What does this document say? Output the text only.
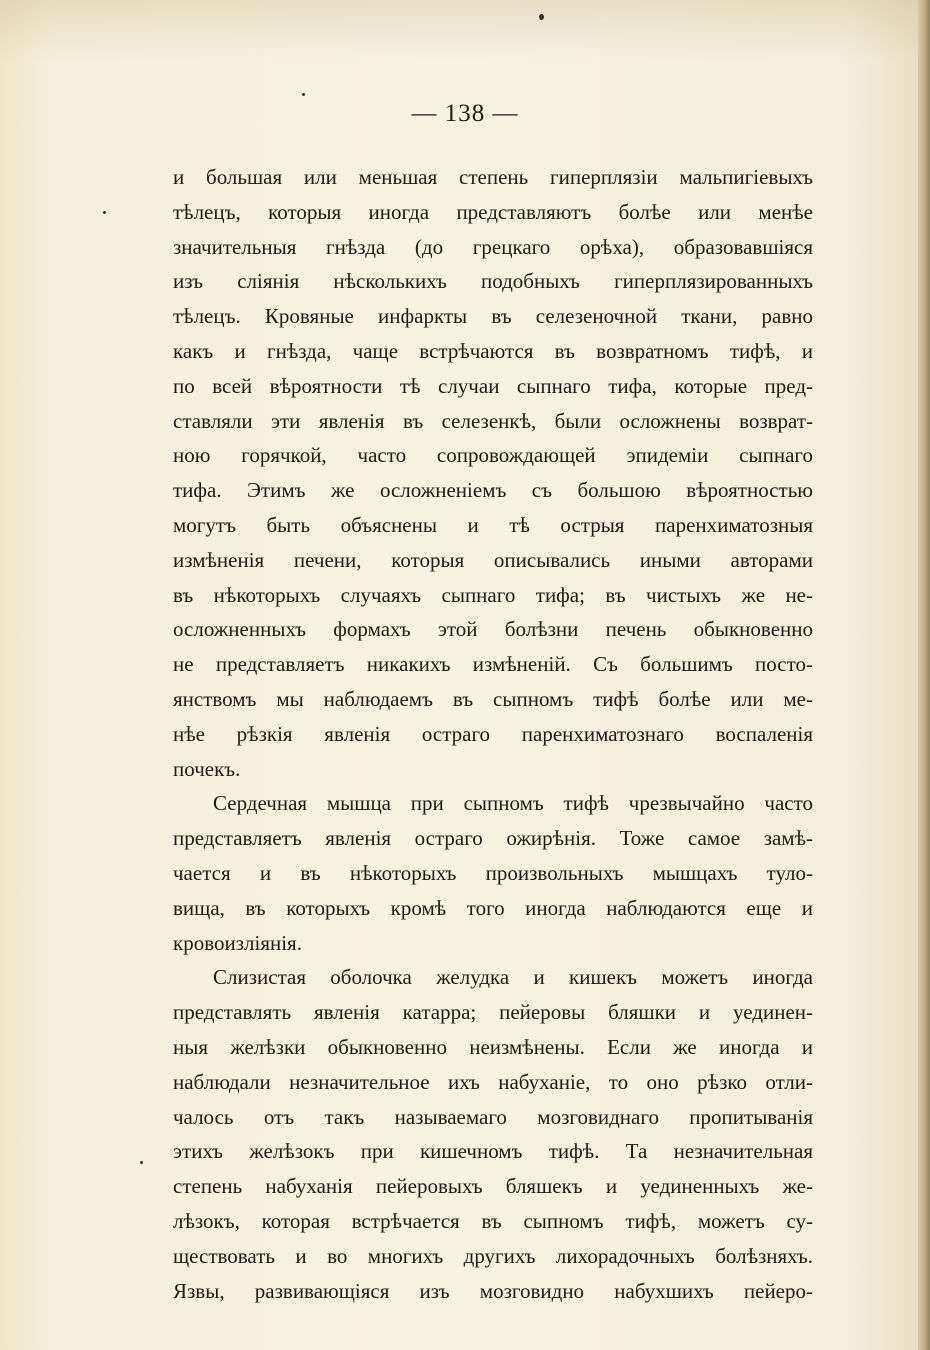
— 138 —
и большая или меньшая степень гиперплязіи мальпигіевыхъ
тѣлецъ, которыя иногда представляютъ болѣе или менѣе
значительныя гнѣзда (до грецкаго орѣха), образовавшіяся
изъ сліянія нѣсколькихъ подобныхъ гиперплязированныхъ
тѣлецъ. Кровяные инфаркты въ селезеночной ткани, равно
какъ и гнѣзда, чаще встрѣчаются въ возвратномъ тифѣ, и
по всей вѣроятности тѣ случаи сыпнаго тифа, которые пред-
ставляли эти явленія въ селезенкѣ, были осложнены возврат-
ною горячкой, часто сопровождающей эпидеміи сыпнаго
тифа. Этимъ же осложненіемъ съ большою вѣроятностью
могутъ быть объяснены и тѣ острыя паренхиматозныя
измѣненія печени, которыя описывались иными авторами
въ нѣкоторыхъ случаяхъ сыпнаго тифа; въ чистыхъ же не-
осложненныхъ формахъ этой болѣзни печень обыкновенно
не представляетъ никакихъ измѣненій. Съ большимъ посто-
янствомъ мы наблюдаемъ въ сыпномъ тифѣ болѣе или ме-
нѣе рѣзкія явленія остраго паренхиматознаго воспаленія
почекъ.
Сердечная мышца при сыпномъ тифѣ чрезвычайно часто
представляетъ явленія остраго ожирѣнія. Тоже самое замѣ-
чается и въ нѣкоторыхъ произвольныхъ мышцахъ туло-
вища, въ которыхъ кромѣ того иногда наблюдаются еще и
кровоизліянія.
Слизистая оболочка желудка и кишекъ можетъ иногда
представлять явленія катарра; пейеровы бляшки и уединен-
ныя желѣзки обыкновенно неизмѣнены. Если же иногда и
наблюдали незначительное ихъ набуханіе, то оно рѣзко отли-
чалось отъ такъ называемаго мозговиднаго пропитыванія
этихъ желѣзокъ при кишечномъ тифѣ. Та незначительная
степень набуханія пейеровыхъ бляшекъ и уединенныхъ же-
лѣзокъ, которая встрѣчается въ сыпномъ тифѣ, можетъ су-
ществовать и во многихъ другихъ лихорадочныхъ болѣзняхъ.
Язвы, развивающіяся изъ мозговидно набухшихъ пейеро-
